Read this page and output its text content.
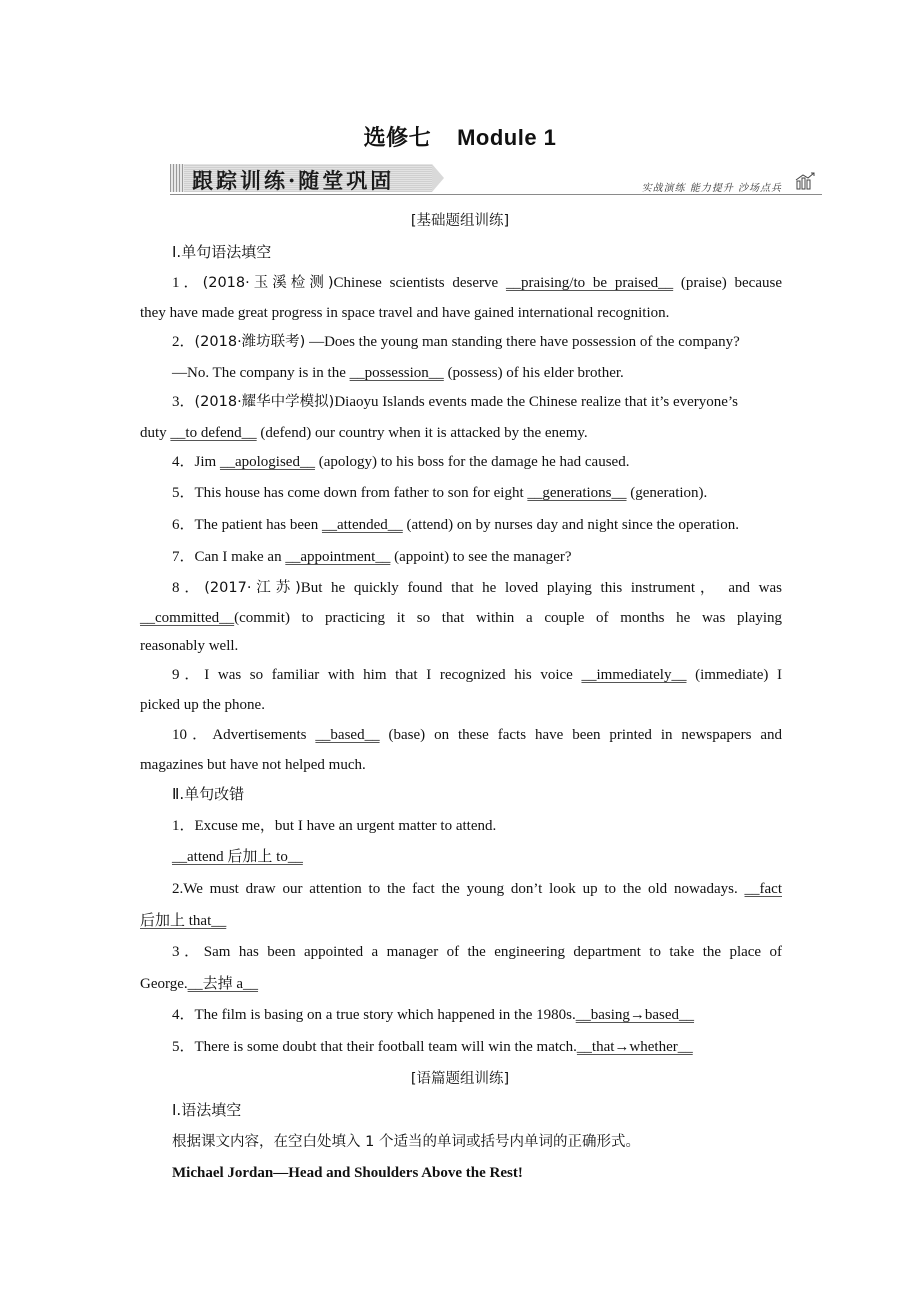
选修七 Module 1
跟踪训练·随堂巩固	实战演练 能力提升 沙场点兵
[基础题组训练]
Ⅰ.单句语法填空
1．(2018·玉溪检测)Chinese scientists deserve __praising/to be praised__ (praise) because
they have made great progress in space travel and have gained international recognition.
2．(2018·潍坊联考) —Does the young man standing there have possession of the company?
—No. The company is in the __possession__ (possess) of his elder brother.
3．(2018·耀华中学模拟)Diaoyu Islands events made the Chinese realize that it’s everyone’s
duty __to defend__ (defend) our country when it is attacked by the enemy.
4．Jim __apologised__ (apology) to his boss for the damage he had caused.
5．This house has come down from father to son for eight __generations__ (generation).
6．The patient has been __attended__ (attend) on by nurses day and night since the operation.
7．Can I make an __appointment__ (appoint) to see the manager?
8．(2017·江苏)But he quickly found that he loved playing this instrument， and was
__committed__(commit) to practicing it so that within a couple of months he was playing
reasonably well.
9．I was so familiar with him that I recognized his voice __immediately__ (immediate) I
picked up the phone.
10．Advertisements __based__ (base) on these facts have been printed in newspapers and
magazines but have not helped much.
Ⅱ.单句改错
1．Excuse me，but I have an urgent matter to attend.
__attend 后加上 to__
2.We must draw our attention to the fact the young don’t look up to the old nowadays. __fact
后加上 that__
3．Sam has been appointed a manager of the engineering department to take the place of
George.__去掉 a__
4．The film is basing on a true story which happened in the 1980s.__basing→based__
5．There is some doubt that their football team will win the match.__that→whether__
[语篇题组训练]
Ⅰ.语法填空
根据课文内容，在空白处填入 1 个适当的单词或括号内单词的正确形式。
Michael Jordan—Head and Shoulders Above the Rest!
